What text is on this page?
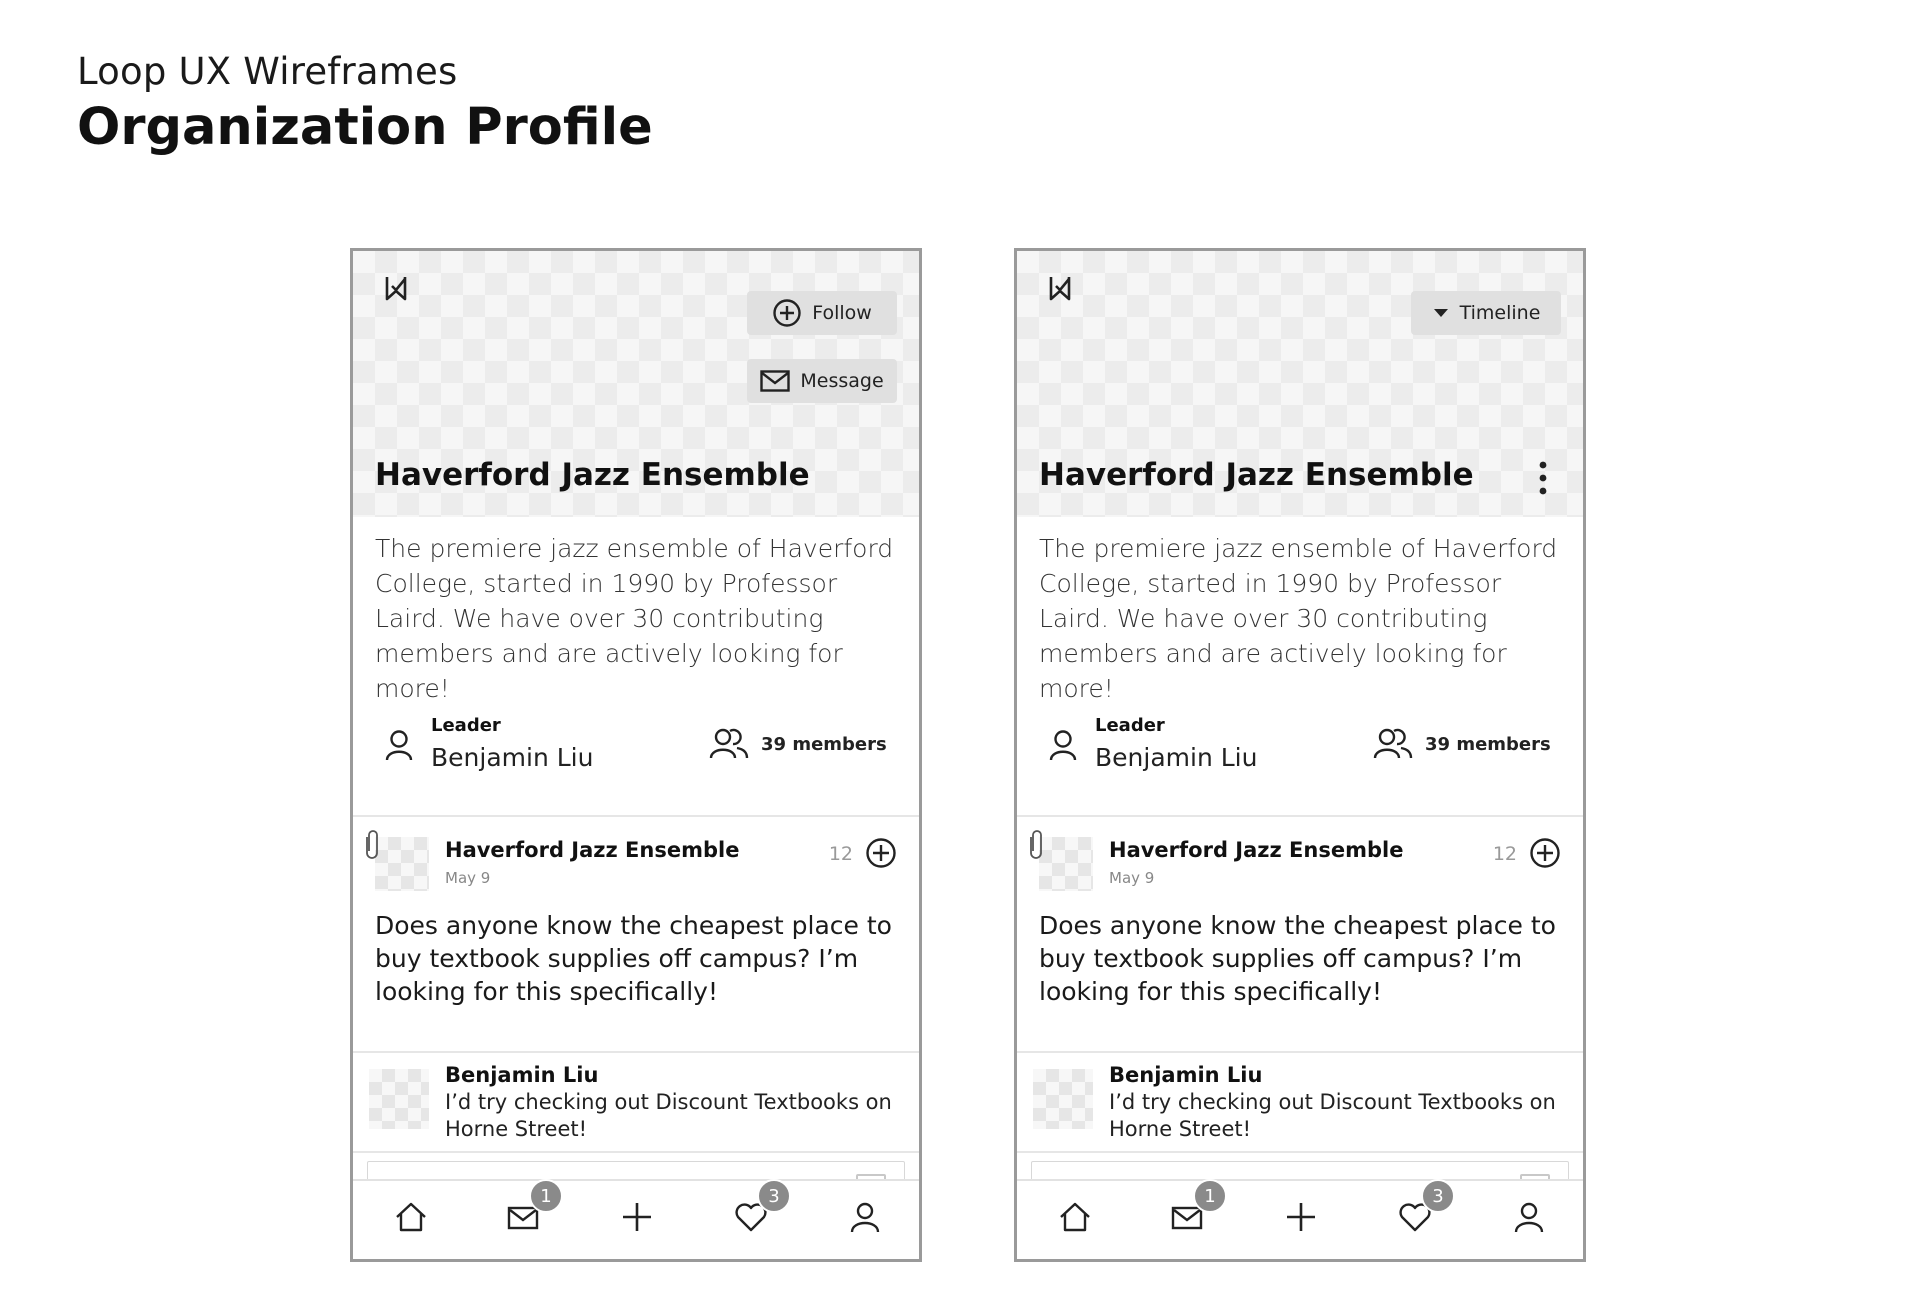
Loop UX Wireframes
Organization Profile
Follow
Message
Haverford Jazz Ensemble
The premiere jazz ensemble of Haverford College, started in 1990 by Professor Laird. We have over 30 contributing members and are actively looking for more!
Leader
Benjamin Liu	39 members
Haverford Jazz Ensemble
May 9
12
Does anyone know the cheapest place to buy textbook supplies off campus? I’m looking for this specifically!
Benjamin Liu
I’d try checking out Discount Textbooks on Horne Street!
1	3
Timeline
Haverford Jazz Ensemble
The premiere jazz ensemble of Haverford College, started in 1990 by Professor Laird. We have over 30 contributing members and are actively looking for more!
Leader
Benjamin Liu	39 members
Haverford Jazz Ensemble
May 9
12
Does anyone know the cheapest place to buy textbook supplies off campus? I’m looking for this specifically!
Benjamin Liu
I’d try checking out Discount Textbooks on Horne Street!
1	3
